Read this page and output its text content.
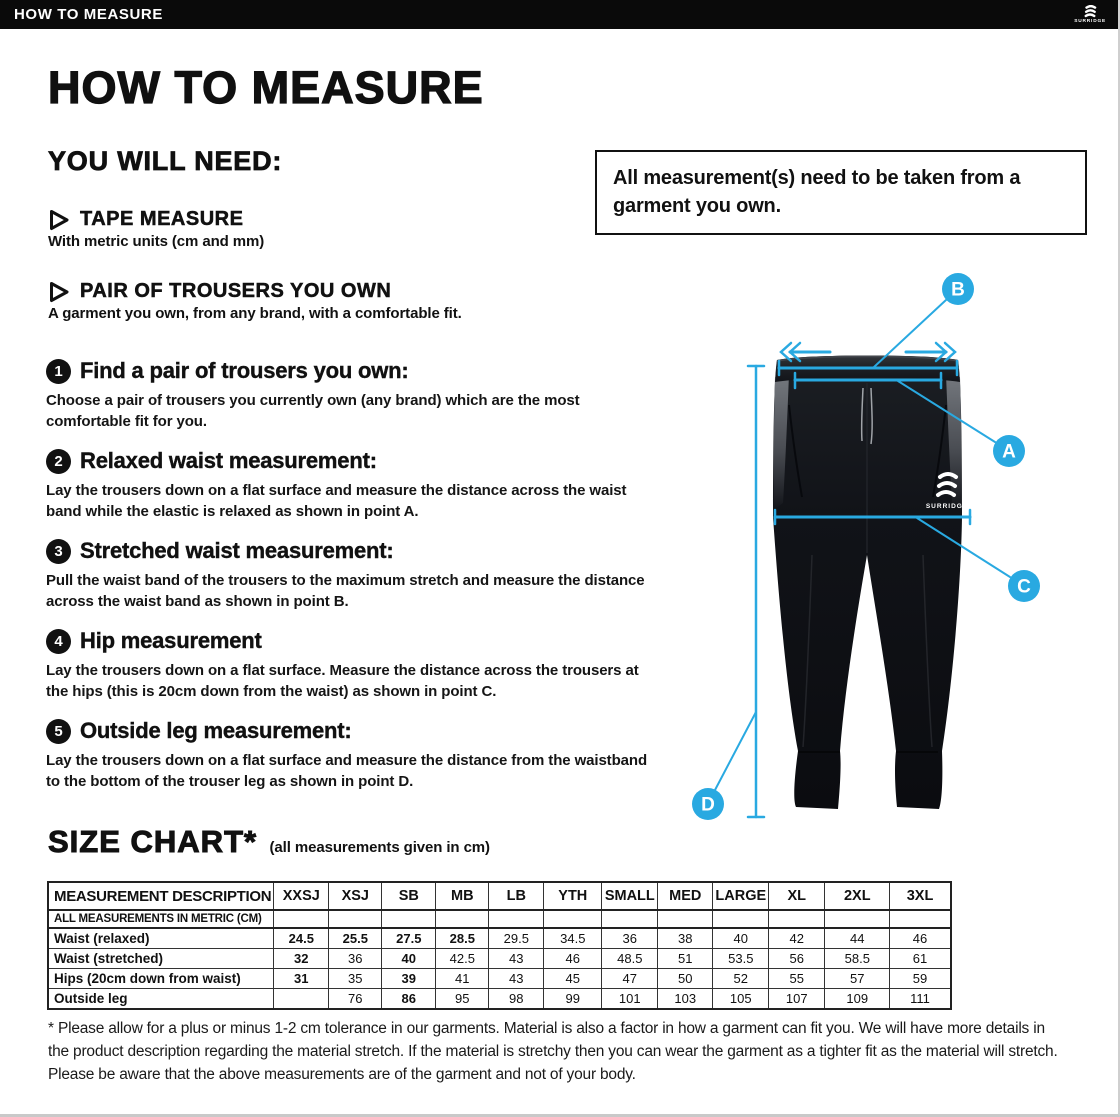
HOW TO MEASURE	SURRIDGE
HOW TO MEASURE
YOU WILL NEED:
TAPE MEASURE
With metric units (cm and mm)
PAIR OF TROUSERS YOU OWN
A garment you own, from any brand, with a comfortable fit.
All measurement(s) need to be taken from a garment you own.
1 Find a pair of trousers you own:
Choose a pair of trousers you currently own (any brand) which are the most comfortable fit for you.
2 Relaxed waist measurement:
Lay the trousers down on a flat surface and measure the distance across the waist band while the elastic is relaxed as shown in point A.
3 Stretched waist measurement:
Pull the waist band of the trousers to the maximum stretch and measure the distance across the waist band as shown in point B.
4 Hip measurement
Lay the trousers down on a flat surface. Measure the distance across the trousers at the hips (this is 20cm down from the waist) as shown in point C.
5 Outside leg measurement:
Lay the trousers down on a flat surface and measure the distance from the waistband to the bottom of the trouser leg as shown in point D.
SURRIDGE
B
A
C
D
SIZE CHART* (all measurements given in cm)
MEASUREMENT DESCRIPTION	XXSJ	XSJ	SB	MB	LB	YTH	SMALL	MED	LARGE	XL	2XL	3XL
ALL MEASUREMENTS IN METRIC (CM)												
Waist (relaxed)	24.5	25.5	27.5	28.5	29.5	34.5	36	38	40	42	44	46
Waist (stretched)	32	36	40	42.5	43	46	48.5	51	53.5	56	58.5	61
Hips (20cm down from waist)	31	35	39	41	43	45	47	50	52	55	57	59
Outside leg		76	86	95	98	99	101	103	105	107	109	111
* Please allow for a plus or minus 1-2 cm tolerance in our garments. Material is also a factor in how a garment can fit you. We will have more details in the product description regarding the material stretch. If the material is stretchy then you can wear the garment as a tighter fit as the material will stretch. Please be aware that the above measurements are of the garment and not of your body.
